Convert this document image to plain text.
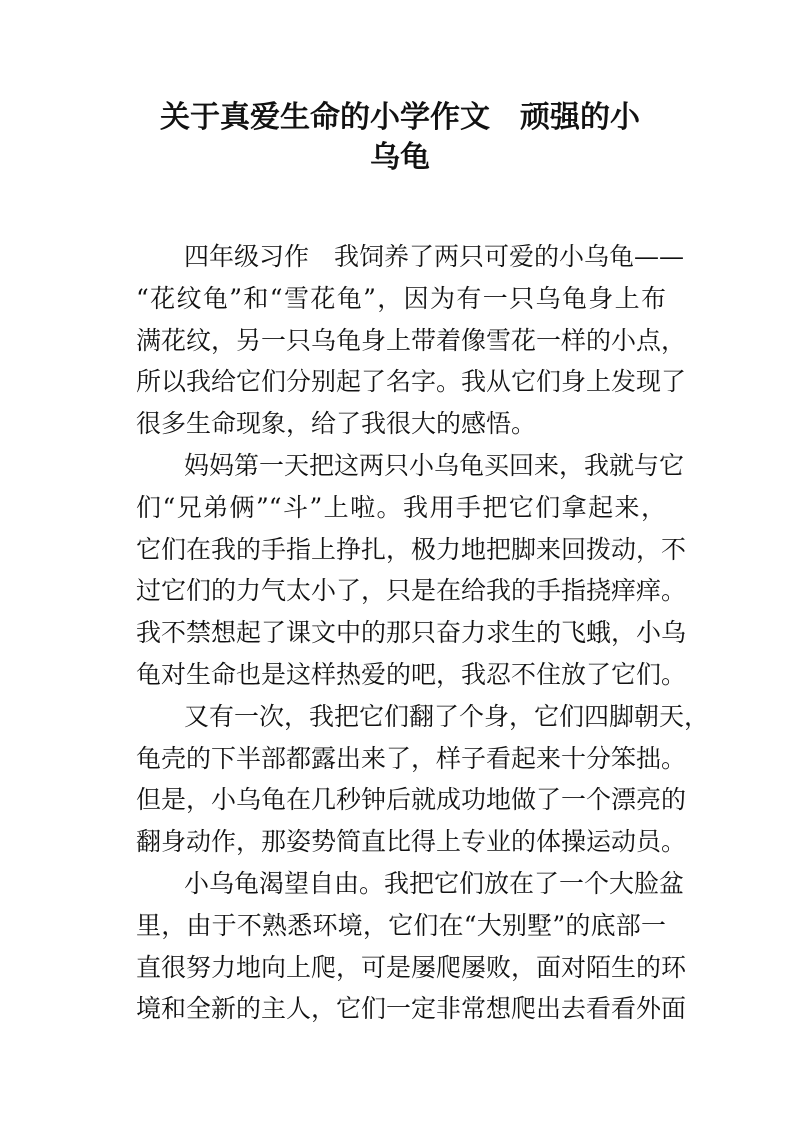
关于真爱生命的小学作文　顽强的小
乌龟
四年级习作　我饲养了两只可爱的小乌龟——
“花纹龟”和“雪花龟”，因为有一只乌龟身上布
满花纹，另一只乌龟身上带着像雪花一样的小点，
所以我给它们分别起了名字。我从它们身上发现了
很多生命现象，给了我很大的感悟。
妈妈第一天把这两只小乌龟买回来，我就与它
们“兄弟俩”“斗”上啦。我用手把它们拿起来，
它们在我的手指上挣扎，极力地把脚来回拨动，不
过它们的力气太小了，只是在给我的手指挠痒痒。
我不禁想起了课文中的那只奋力求生的飞蛾，小乌
龟对生命也是这样热爱的吧，我忍不住放了它们。
又有一次，我把它们翻了个身，它们四脚朝天，
龟壳的下半部都露出来了，样子看起来十分笨拙。
但是，小乌龟在几秒钟后就成功地做了一个漂亮的
翻身动作，那姿势简直比得上专业的体操运动员。
小乌龟渴望自由。我把它们放在了一个大脸盆
里，由于不熟悉环境，它们在“大别墅”的底部一
直很努力地向上爬，可是屡爬屡败，面对陌生的环
境和全新的主人，它们一定非常想爬出去看看外面
